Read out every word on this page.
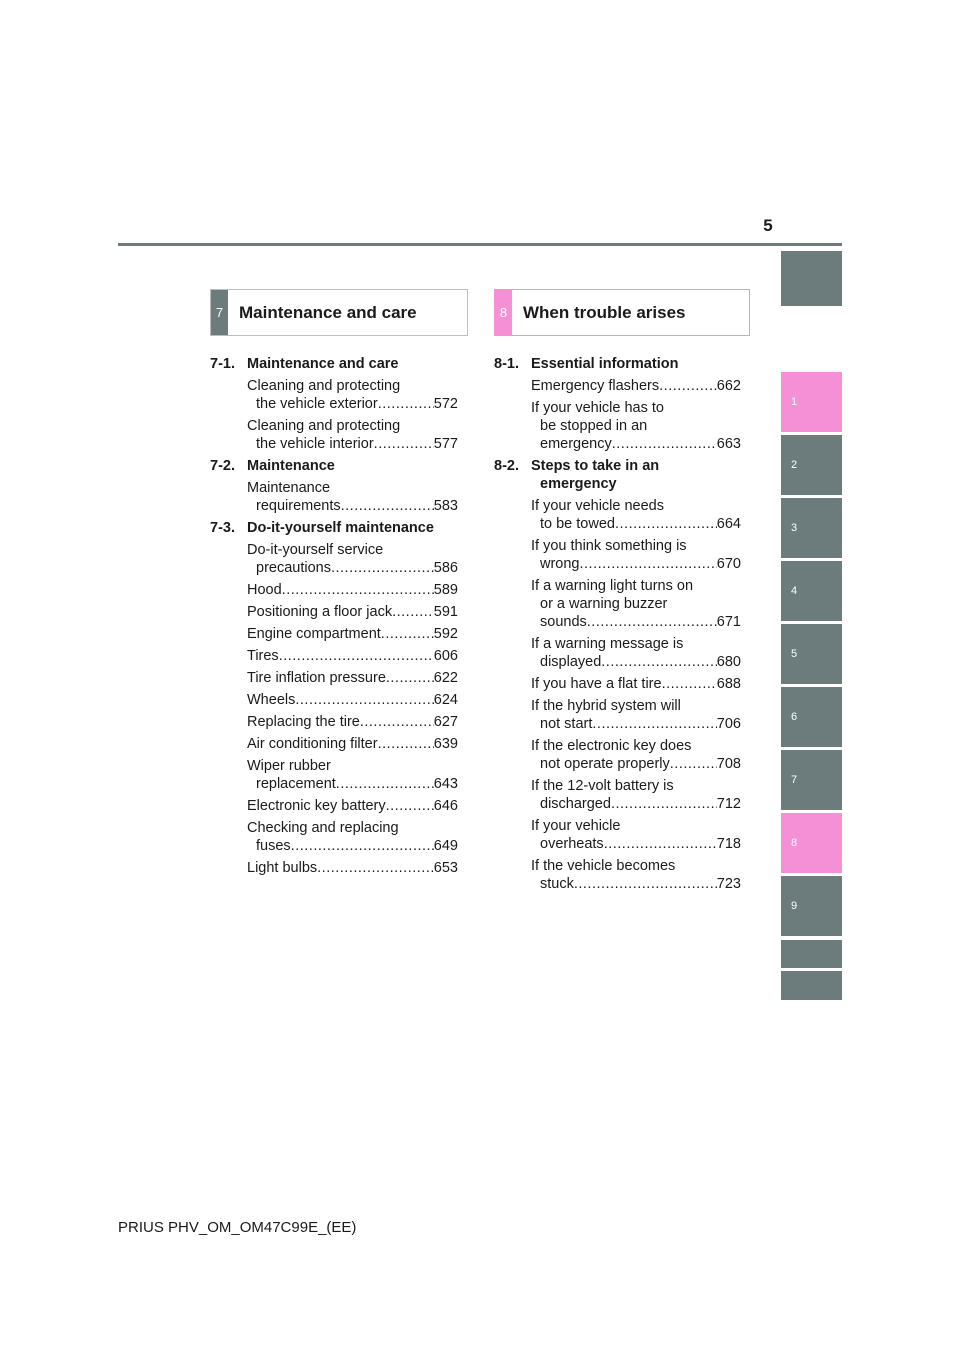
5
1
2
3
4
5
6
7
8
9
7 Maintenance and care	8 When trouble arises
7-1. Maintenance and care
Cleaning and protecting
the vehicle exterior .....	572
Cleaning and protecting
the vehicle interior .....	577
7-2. Maintenance
Maintenance
requirements .....	583
7-3. Do-it-yourself maintenance
Do-it-yourself service
precautions .....	586
Hood .....	589
Positioning a floor jack .....	591
Engine compartment .....	592
Tires .....	606
Tire inflation pressure .....	622
Wheels .....	624
Replacing the tire .....	627
Air conditioning filter .....	639
Wiper rubber
replacement .....	643
Electronic key battery .....	646
Checking and replacing
fuses .....	649
Light bulbs .....	653
8-1. Essential information
Emergency flashers .....	662
If your vehicle has to
be stopped in an
emergency .....	663
8-2. Steps to take in an
emergency
If your vehicle needs
to be towed .....	664
If you think something is
wrong .....	670
If a warning light turns on
or a warning buzzer
sounds .....	671
If a warning message is
displayed .....	680
If you have a flat tire .....	688
If the hybrid system will
not start .....	706
If the electronic key does
not operate properly .....	708
If the 12-volt battery is
discharged .....	712
If your vehicle
overheats .....	718
If the vehicle becomes
stuck .....	723
PRIUS PHV_OM_OM47C99E_(EE)
